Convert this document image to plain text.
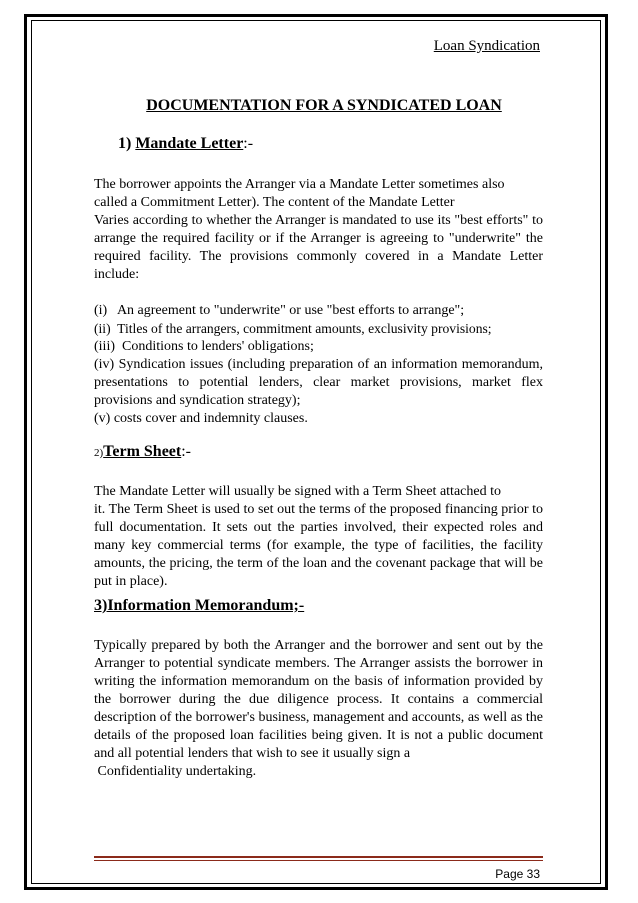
Loan Syndication
DOCUMENTATION FOR A SYNDICATED LOAN
1) Mandate Letter:-

The borrower appoints the Arranger via a Mandate Letter sometimes also

called a Commitment Letter). The content of the Mandate Letter

Varies according to whether the Arranger is mandated to use its "best efforts" to arrange the required facility or if the Arranger is agreeing to "underwrite" the required facility. The provisions commonly covered in a Mandate Letter include:

(i)   An agreement to "underwrite" or use "best efforts to arrange";

(ii)  Titles of the arrangers, commitment amounts, exclusivity provisions;

(iii)  Conditions to lenders' obligations;

(iv) Syndication issues (including preparation of an information memorandum, presentations to potential lenders, clear market provisions, market flex provisions and syndication strategy);

(v) costs cover and indemnity clauses.

2)Term Sheet:-

The Mandate Letter will usually be signed with a Term Sheet attached to

it. The Term Sheet is used to set out the terms of the proposed financing prior to full documentation. It sets out the parties involved, their expected roles and many key commercial terms (for example, the type of facilities, the facility amounts, the pricing, the term of the loan and the covenant package that will be put in place).

3)Information Memorandum;-

Typically prepared by both the Arranger and the borrower and sent out by the Arranger to potential syndicate members. The Arranger assists the borrower in writing the information memorandum on the basis of information provided by the borrower during the due diligence process. It contains a commercial description of the borrower's business, management and accounts, as well as the details of the proposed loan facilities being given. It is not a public document and all potential lenders that wish to see it usually sign a

Confidentiality undertaking.

Page 33
